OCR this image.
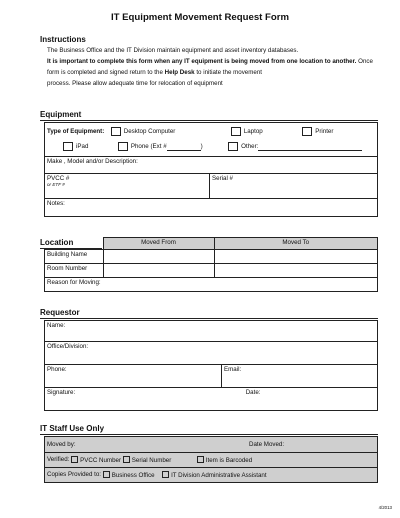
IT Equipment Movement Request Form
Instructions
The Business Office and the IT Division maintain equipment and asset inventory databases.
It is important to complete this form when any IT equipment is being moved from one location to another. Once form is completed and signed return to the Help Desk to initiate the movement
process. Please allow adequate time for relocation of equipment
Equipment
Type of Equipment:	Desktop Computer	Laptop	Printer
iPad	Phone (Ext #	)	Other:

Make , Model and/or Description:

PVCC #
or ETF #
	Serial #
Notes:
Location
		Moved From	Moved To
Building Name		
Room Number		
Reason for Moving:		
Requestor
Name:
Office/Division:
Phone:	Email:
Signature:	Date:
IT Staff Use Only
Moved by:	Date Moved:
Verified: PVCC Number Serial Number	Item is Barcoded
Copies Provided to: Business Office	IT Division Administrative Assistant
4/2013
